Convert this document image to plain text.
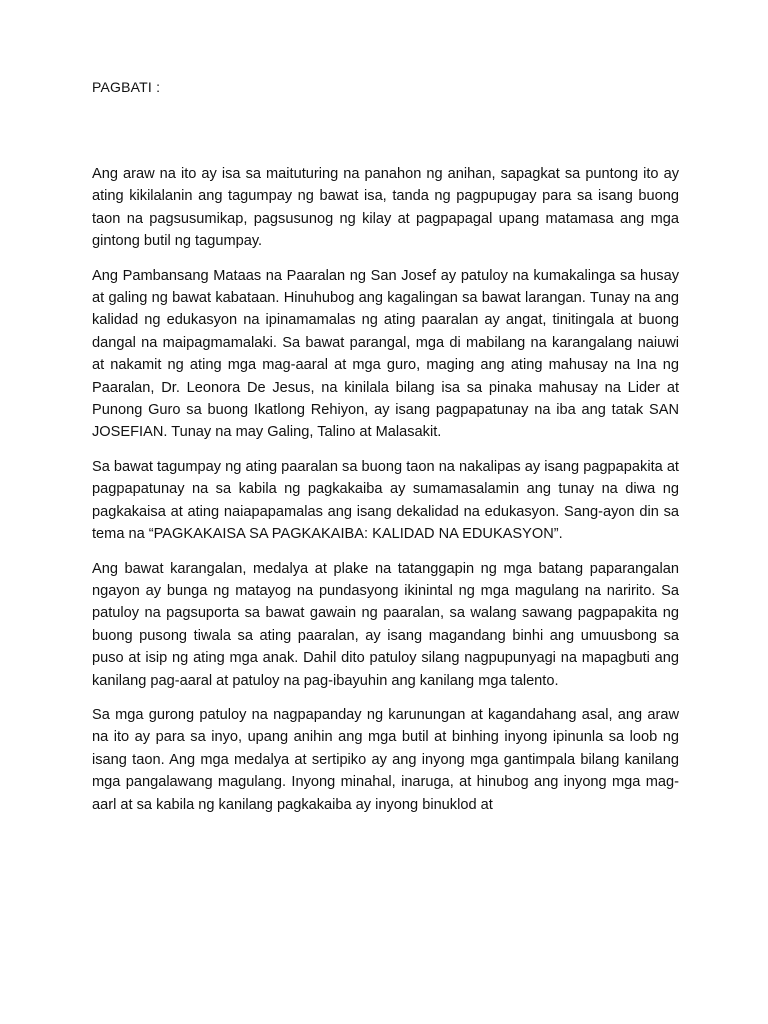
PAGBATI :

Ang araw na ito ay isa sa maituturing na panahon ng anihan, sapagkat sa puntong ito ay ating kikilalanin ang tagumpay ng bawat isa, tanda ng pagpupugay para sa isang buong taon na pagsusumikap, pagsusunog ng kilay at pagpapagal upang matamasa ang mga gintong butil ng tagumpay.

Ang Pambansang Mataas na Paaralan ng San Josef ay patuloy na kumakalinga sa husay at galing ng bawat kabataan. Hinuhubog ang kagalingan sa bawat larangan. Tunay na ang kalidad ng edukasyon na ipinamamalas ng ating paaralan ay angat, tinitingala at buong dangal na maipagmamalaki. Sa bawat parangal, mga di mabilang na karangalang naiuwi at nakamit ng ating mga mag-aaral at mga guro, maging ang ating mahusay na Ina ng Paaralan, Dr. Leonora De Jesus, na kinilala bilang isa sa pinaka mahusay na Lider at Punong Guro sa buong Ikatlong Rehiyon, ay isang pagpapatunay na iba ang tatak SAN JOSEFIAN. Tunay na may Galing, Talino at Malasakit.

Sa bawat tagumpay ng ating paaralan sa buong taon na nakalipas ay isang pagpapakita at pagpapatunay na sa kabila ng pagkakaiba ay sumamasalamin ang tunay na diwa ng pagkakaisa at ating naiapapamalas ang isang dekalidad na edukasyon. Sang-ayon din sa tema na “PAGKAKAISA SA PAGKAKAIBA: KALIDAD NA EDUKASYON”.

Ang bawat karangalan, medalya at plake na tatanggapin ng mga batang paparangalan ngayon ay bunga ng matayog na pundasyong ikinintal ng mga magulang na naririto. Sa patuloy na pagsuporta sa bawat gawain ng paaralan, sa walang sawang pagpapakita ng buong pusong tiwala sa ating paaralan, ay isang magandang binhi ang umuusbong sa puso at isip ng ating mga anak. Dahil dito patuloy silang nagpupunyagi na mapagbuti ang kanilang pag-aaral at patuloy na pag-ibayuhin ang kanilang mga talento.

Sa mga gurong patuloy na nagpapanday ng karunungan at kagandahang asal, ang araw na ito ay para sa inyo, upang anihin ang mga butil at binhing inyong ipinunla sa loob ng isang taon. Ang mga medalya at sertipiko ay ang inyong mga gantimpala bilang kanilang mga pangalawang magulang. Inyong minahal, inaruga, at hinubog ang inyong mga mag-aarl at sa kabila ng kanilang pagkakaiba ay inyong binuklod at
